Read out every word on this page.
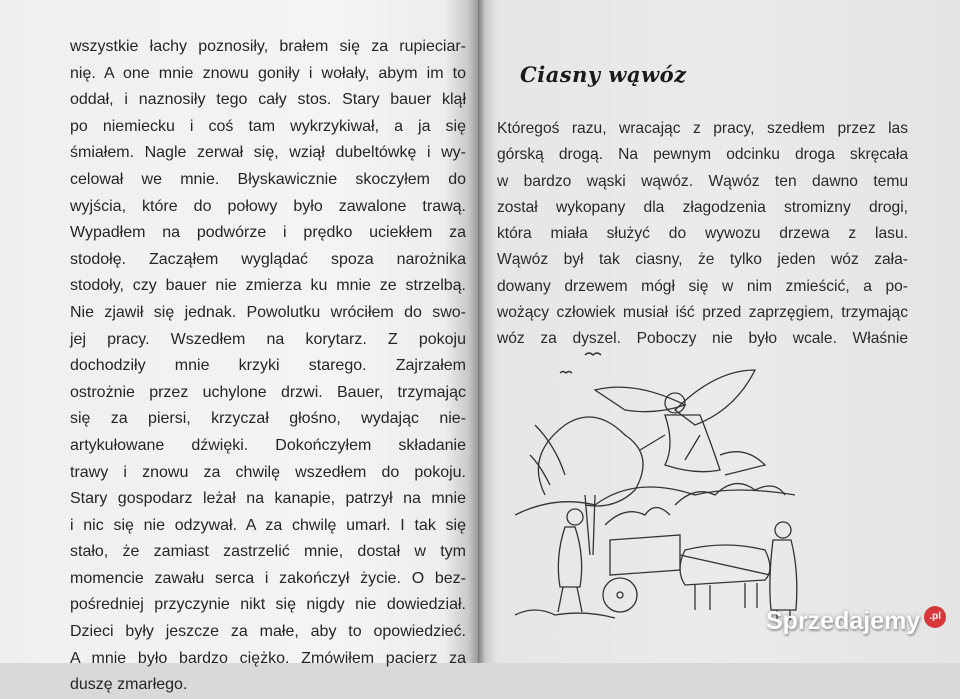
wszystkie łachy poznosiły, brałem się za rupieciar-
nię. A one mnie znowu goniły i wołały, abym im to
oddał, i naznosiły tego cały stos. Stary bauer klął
po niemiecku i coś tam wykrzykiwał, a ja się
śmiałem. Nagle zerwał się, wziął dubeltówkę i wy-
celował we mnie. Błyskawicznie skoczyłem do
wyjścia, które do połowy było zawalone trawą.
Wypadłem na podwórze i prędko uciekłem za
stodołę. Zacząłem wyglądać spoza narożnika
stodoły, czy bauer nie zmierza ku mnie ze strzelbą.
Nie zjawił się jednak. Powolutku wróciłem do swo-
jej pracy. Wszedłem na korytarz. Z pokoju
dochodziły mnie krzyki starego. Zajrzałem
ostrożnie przez uchylone drzwi. Bauer, trzymając
się za piersi, krzyczał głośno, wydając nie-
artykułowane dźwięki. Dokończyłem składanie
trawy i znowu za chwilę wszedłem do pokoju.
Stary gospodarz leżał na kanapie, patrzył na mnie
i nic się nie odzywał. A za chwilę umarł. I tak się
stało, że zamiast zastrzelić mnie, dostał w tym
momencie zawału serca i zakończył życie. O bez-
pośredniej przyczynie nikt się nigdy nie dowiedział.
Dzieci były jeszcze za małe, aby to opowiedzieć.
A mnie było bardzo ciężko. Zmówiłem pacierz za
duszę zmarłego.
Ciasny wąwóz
Któregoś razu, wracając z pracy, szedłem przez las
górską drogą. Na pewnym odcinku droga skręcała
w bardzo wąski wąwóz. Wąwóz ten dawno temu
został wykopany dla złagodzenia stromizny drogi,
która miała służyć do wywozu drzewa z lasu.
Wąwóz był tak ciasny, że tylko jeden wóz zała-
dowany drzewem mógł się w nim zmieścić, a po-
wożący człowiek musiał iść przed zaprzęgiem, trzymając
wóz za dyszel. Poboczy nie było wcale. Właśnie
Sprzedajemy .pl
